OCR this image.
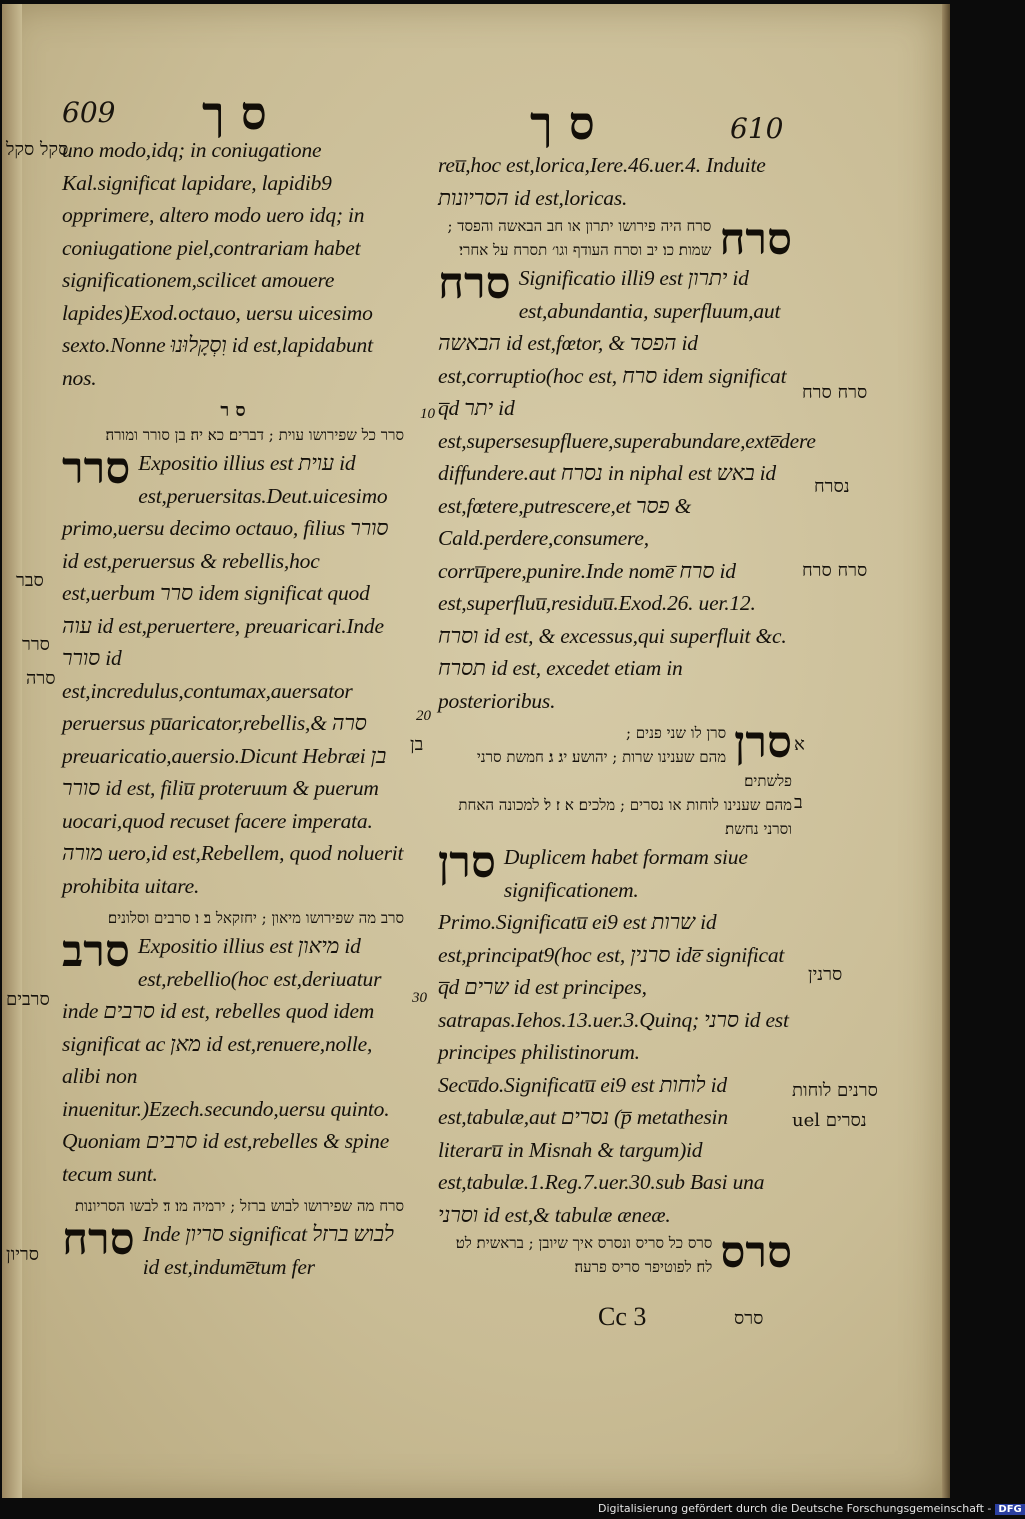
609 ס ך	ס ך	610

uno modo,idq; in coniugatione Kal.significat lapidare, lapidib9 opprimere, altero modo uero idq; in coniugatione piel,contrariam habet significationem,scilicet amouere lapides)Exod.octauo, uersu uicesimo sexto.Nonne וִסְקָלוּנוּ id est,lapidabunt nos.

ס ר
סרר כל שפירושו עוית ; דברים׃ כא׃ יה׃ בן סורר ומורה׃
סרר Expositio illius est עוית id est,peruersitas.Deut.uicesimo primo,uersu decimo octauo, filius סורר id est,peruersus & rebellis,hoc est,uerbum סרר idem significat quod עוה id est,peruertere, preuaricari.Inde סורר id est,incredulus,contumax,auersator peruersus pu̅aricator,rebellis,& סרה preuaricatio,auersio.Dicunt Hebræi בן סורר id est, filiu̅ proteruum & puerum uocari,quod recuset facere imperata. מורה uero,id est,Rebellem, quod noluerit prohibita uitare.

סרב מה שפירושו מיאון ; יחזקאל ב׃ ו׃ סרבים וסלונים׃
סרב Expositio illius est מיאון id est,rebellio(hoc est,deriuatur inde סרבים id est, rebelles quod idem significat ac מאן id est,renuere,nolle, alibi non inuenitur.)Ezech.secundo,uersu quinto. Quoniam סרבים id est,rebelles & spine tecum sunt.

סרח מה שפירושו לבוש ברזל ; ירמיה מו׃ ד׃ לבשו הסריונות׃
סרח Inde סריון significat לבוש ברזל id est,indume̅tum fer

סקל סקל
סבר
סרר
סרה
בן
סרבים
סריון
10
20
30

reu̅,hoc est,lorica,Iere.46.uer.4. Induite הסריונות id est,loricas.

סרח
סרח היה פירושו יתרון או חב הבאשה והפסד ; שמות׃ כו׃ יב וסרח העודף וגו׳ תסרח על אחרי׃
סרח Significatio illi9 est יתרון id est,abundantia, superfluum,aut הבאשה id est,fœtor, & הפסד id est,corruptio(hoc est, סרח idem significat q̅d יתר id est,supersesupfluere,superabundare,exte̅dere diffundere.aut נסרח in niphal est באש id est,fœtere,putrescere,et פסר & Cald.perdere,consumere, corru̅pere,punire.Inde nome̅ סרח id est,superfluu̅,residuu̅.Exod.26. uer.12. וסרח id est, & excessus,qui superfluit &c. תסרח id est, excedet etiam in posterioribus.

סרן
סרן לו שני פנים ;
מהם שענינו שרות ; יהושע׃ יג׃ ג׃ חמשת סרני פלשתים׃
מהם שענינו לוחות או נסרים ; מלכים׃ א׃ ז׃ ל׃ למכונה האחת וסרני נחשת׃
סרן Duplicem habet formam siue significationem.

Primo.Significatu̅ ei9 est שרות id est,principat9(hoc est, סרנין ide̅ significat q̅d שרים id est principes, satrapas.Iehos.13.uer.3.Quinq; סרני id est principes philistinorum.

Secu̅do.Significatu̅ ei9 est לוחות id est,tabulæ,aut נסרים (p̅ metathesin literaru̅ in Misnah & targum)id est,tabulæ.1.Reg.7.uer.30.sub Basi una וסרני id est,& tabulæ æneæ.

סרס
סרס כל סריס ונסרס איך שיובן ; בראשית׃ לט׃ לח׃ לפוטיפר סריס פרעה׃
סרח סרח
נסרח
סרח סרח
א
ב
סרנין
סרנים לוחות
נסרים uel
Cc 3	סרס
Digitalisierung gefördert durch die Deutsche Forschungsgemeinschaft - DFG
